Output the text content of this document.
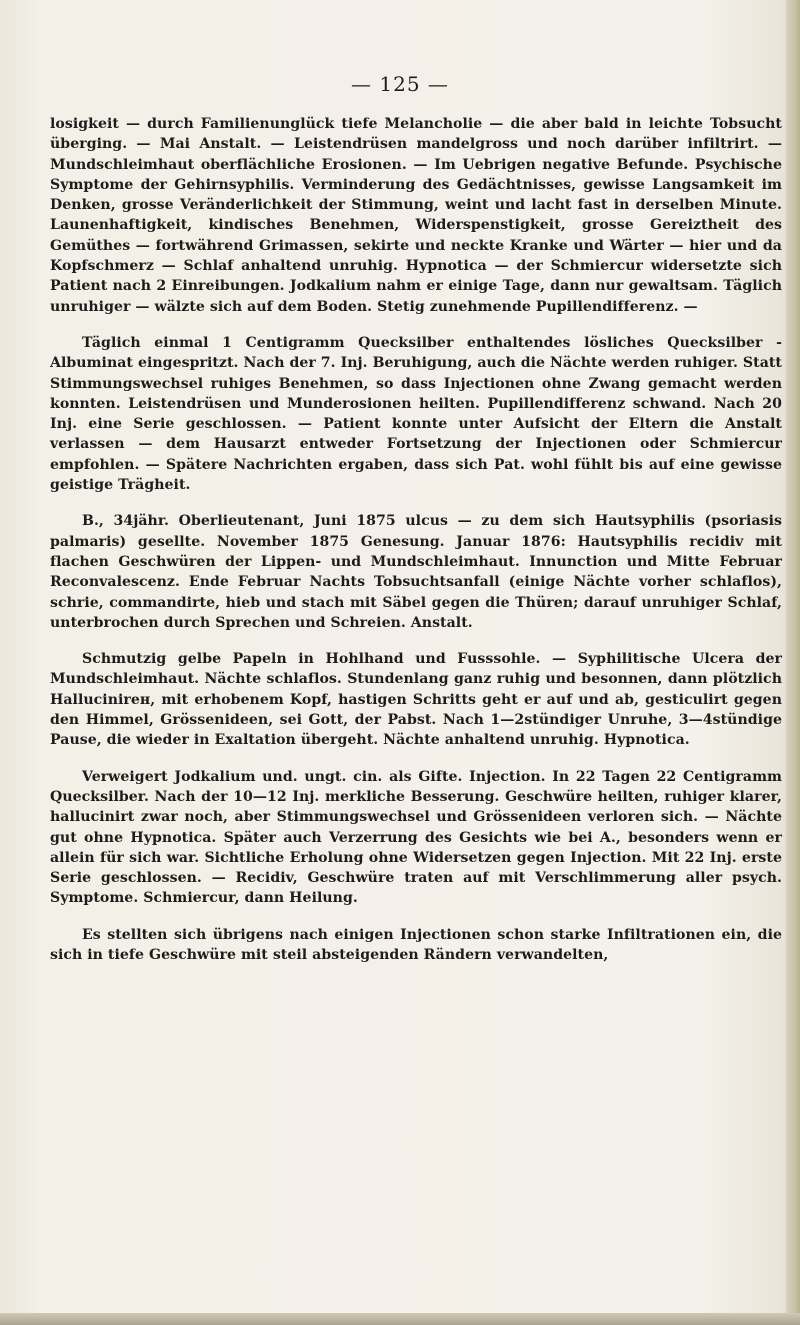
— 125 —

losigkeit — durch Familienunglück tiefe Melancholie — die aber bald in leichte Tobsucht überging. — Mai Anstalt. — Leistendrüsen mandelgross und noch darüber infiltrirt. — Mundschleimhaut oberflächliche Erosionen. — Im Uebrigen negative Befunde. Psychische Symptome der Gehirnsyphilis. Verminderung des Gedächtnisses, gewisse Langsamkeit im Denken, grosse Veränderlichkeit der Stimmung, weint und lacht fast in derselben Minute. Launenhaftigkeit, kindisches Benehmen, Widerspenstigkeit, grosse Gereiztheit des Gemüthes — fortwährend Grimassen, sekirte und neckte Kranke und Wärter — hier und da Kopfschmerz — Schlaf anhaltend unruhig. Hypnotica — der Schmiercur widersetzte sich Patient nach 2 Einreibungen. Jodkalium nahm er einige Tage, dann nur gewaltsam. Täglich unruhiger — wälzte sich auf dem Boden. Stetig zunehmende Pupillendifferenz. —

Täglich einmal 1 Centigramm Quecksilber enthaltendes lösliches Quecksilber - Albuminat eingespritzt. Nach der 7. Inj. Beruhigung, auch die Nächte werden ruhiger. Statt Stimmungswechsel ruhiges Benehmen, so dass Injectionen ohne Zwang gemacht werden konnten. Leistendrüsen und Munderosionen heilten. Pupillendifferenz schwand. Nach 20 Inj. eine Serie geschlossen. — Patient konnte unter Aufsicht der Eltern die Anstalt verlassen — dem Hausarzt entweder Fortsetzung der Injectionen oder Schmiercur empfohlen. — Spätere Nachrichten ergaben, dass sich Pat. wohl fühlt bis auf eine gewisse geistige Trägheit.

B., 34jähr. Oberlieutenant, Juni 1875 ulcus — zu dem sich Hautsyphilis (psoriasis palmaris) gesellte. November 1875 Genesung. Januar 1876: Hautsyphilis recidiv mit flachen Geschwüren der Lippen- und Mundschleimhaut. Innunction und Mitte Februar Reconvalescenz. Ende Februar Nachts Tobsuchtsanfall (einige Nächte vorher schlaflos), schrie, commandirte, hieb und stach mit Säbel gegen die Thüren; darauf unruhiger Schlaf, unterbrochen durch Sprechen und Schreien. Anstalt.

Schmutzig gelbe Papeln in Hohlhand und Fusssohle. — Syphilitische Ulcera der Mundschleimhaut. Nächte schlaflos. Stundenlang ganz ruhig und besonnen, dann plötzlich Hallucinirен, mit erhobenem Kopf, hastigen Schritts geht er auf und ab, gesticulirt gegen den Himmel, Grössenideen, sei Gott, der Pabst. Nach 1—2stündiger Unruhe, 3—4stündige Pause, die wieder in Exaltation übergeht. Nächte anhaltend unruhig. Hypnotica.

Verweigert Jodkalium und. ungt. cin. als Gifte. Injection. In 22 Tagen 22 Centigramm Quecksilber. Nach der 10—12 Inj. merkliche Besserung. Geschwüre heilten, ruhiger klarer, hallucinirt zwar noch, aber Stimmungswechsel und Grössenideen verloren sich. — Nächte gut ohne Hypnotica. Später auch Verzerrung des Gesichts wie bei A., besonders wenn er allein für sich war. Sichtliche Erholung ohne Widersetzen gegen Injection. Mit 22 Inj. erste Serie geschlossen. — Recidiv, Geschwüre traten auf mit Verschlimmerung aller psych. Symptome. Schmiercur, dann Heilung.

Es stellten sich übrigens nach einigen Injectionen schon starke Infiltrationen ein, die sich in tiefe Geschwüre mit steil absteigenden Rändern verwandelten,
